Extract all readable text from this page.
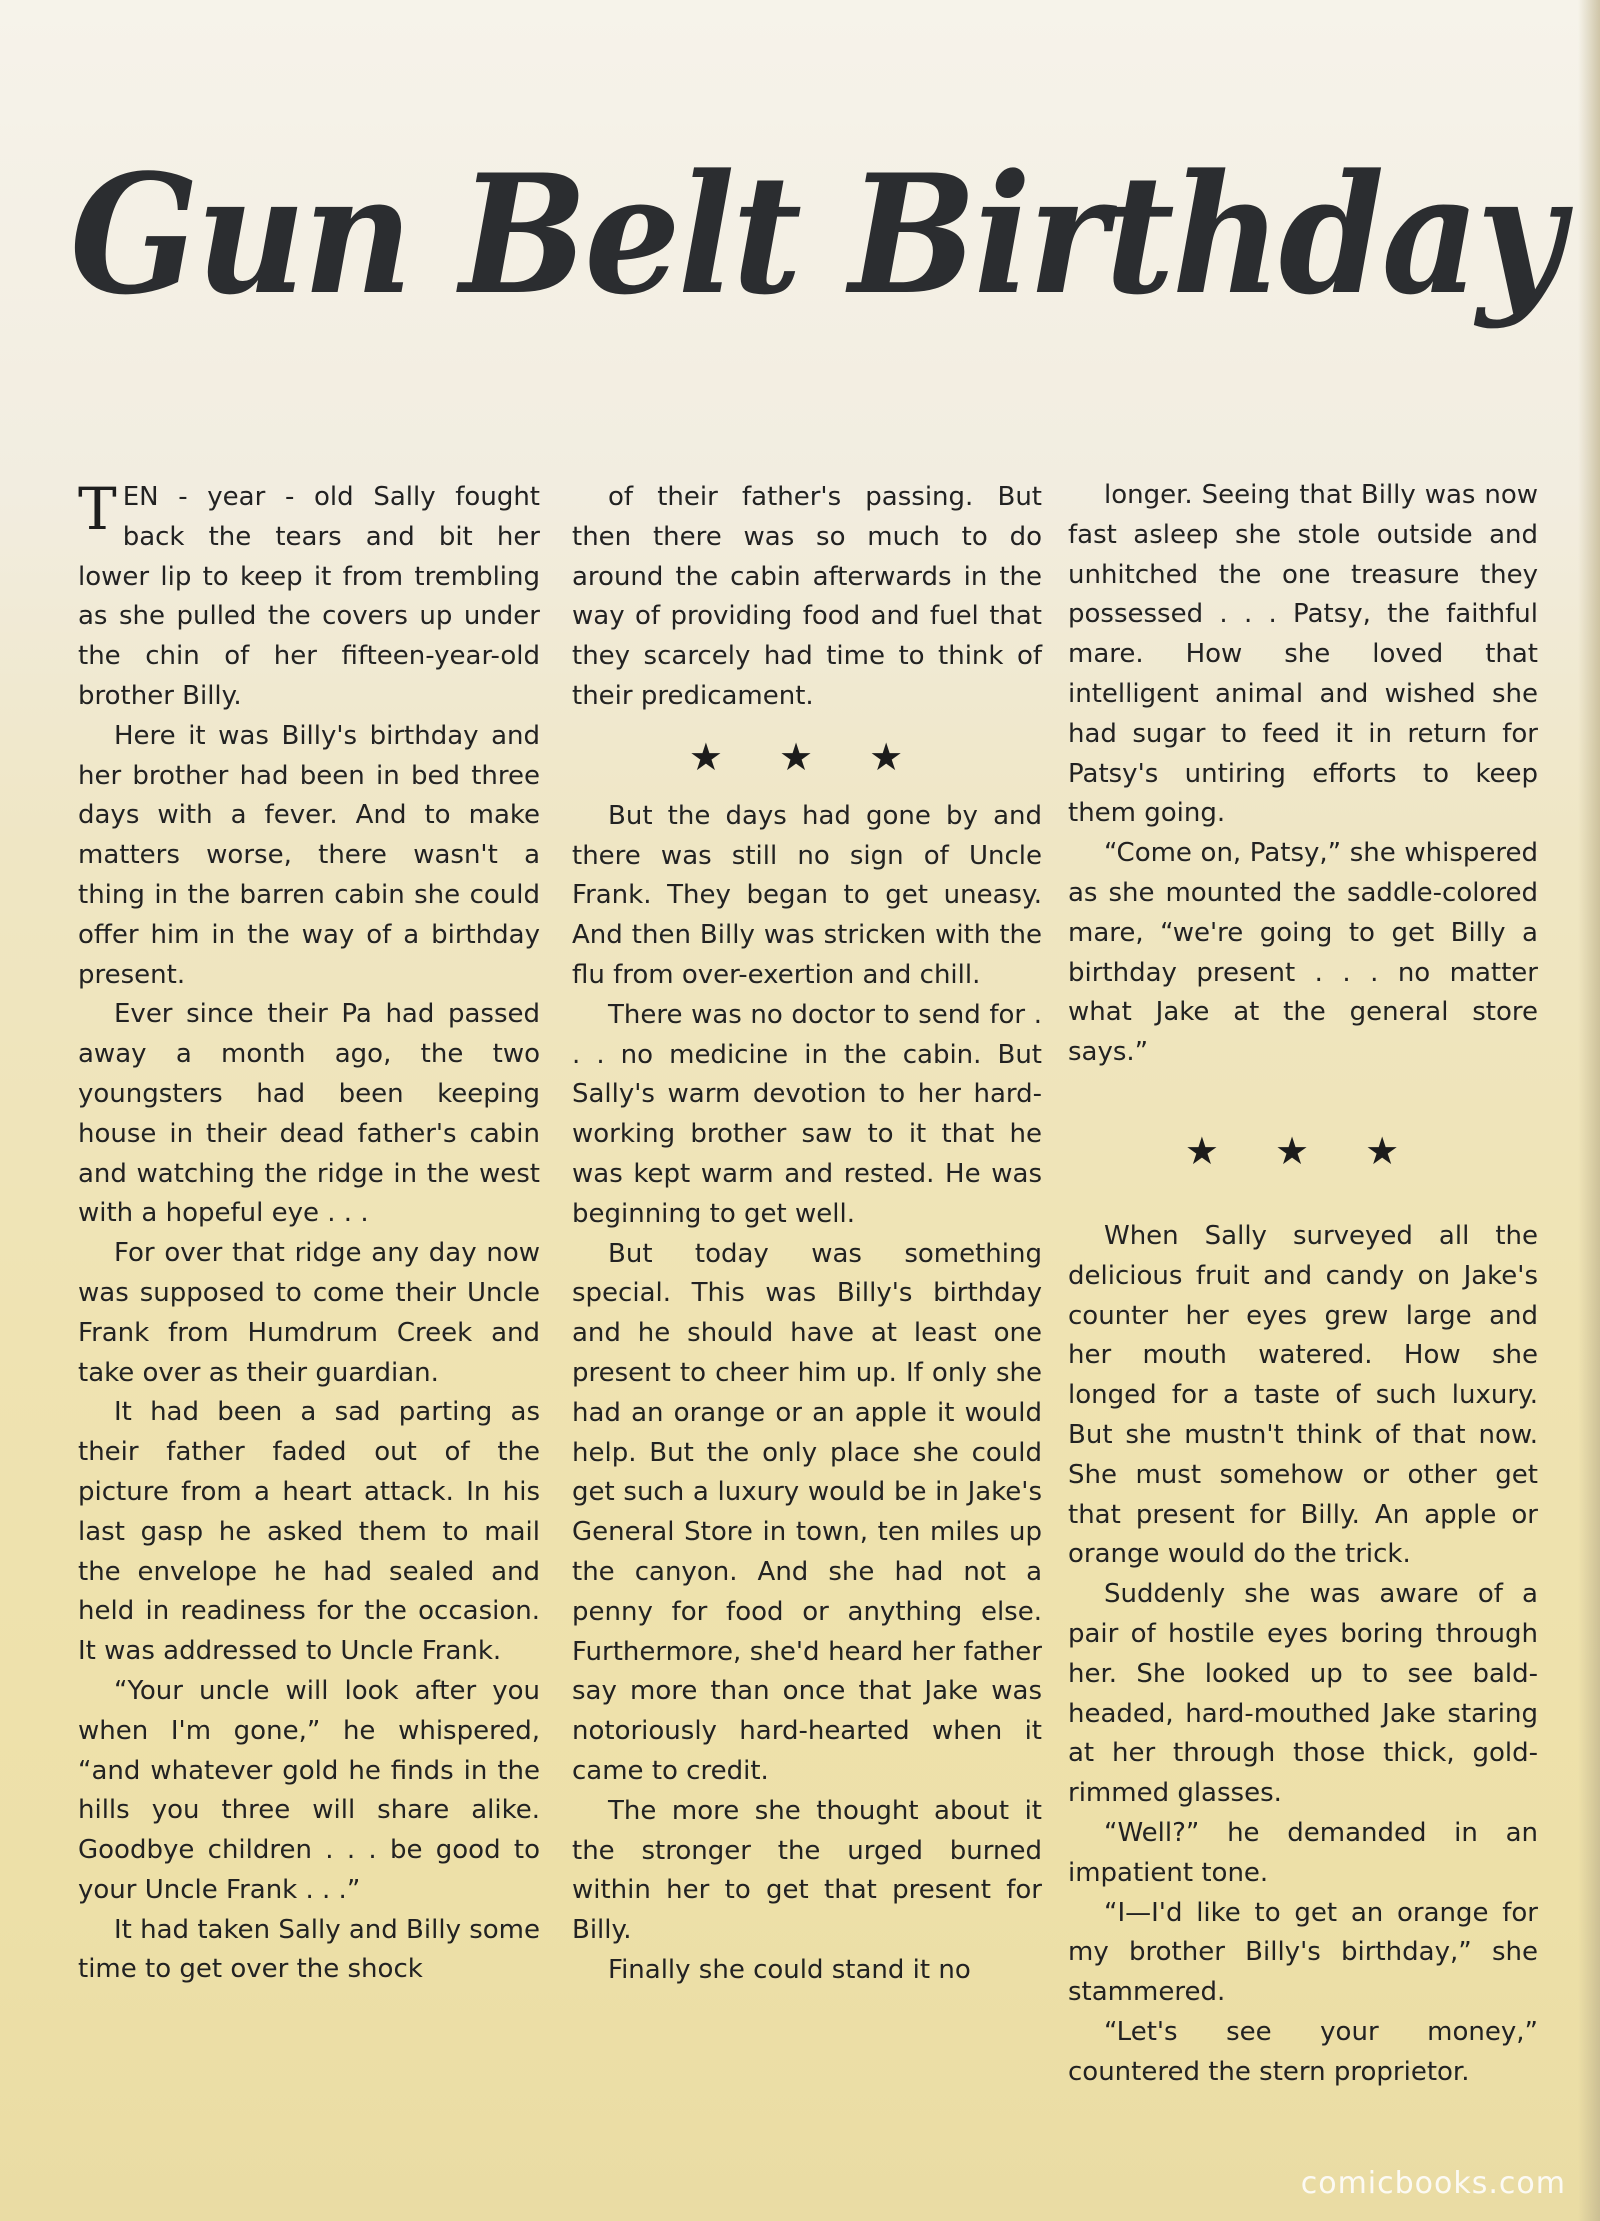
Gun Belt Birthday

TEN - year - old Sally fought back the tears and bit her lower lip to keep it from trembling as she pulled the covers up under the chin of her fifteen-year-old brother Billy.

Here it was Billy's birthday and her brother had been in bed three days with a fever. And to make matters worse, there wasn't a thing in the barren cabin she could offer him in the way of a birthday present.

Ever since their Pa had passed away a month ago, the two youngsters had been keeping house in their dead father's cabin and watching the ridge in the west with a hopeful eye . . .

For over that ridge any day now was supposed to come their Uncle Frank from Humdrum Creek and take over as their guardian.

It had been a sad parting as their father faded out of the picture from a heart attack. In his last gasp he asked them to mail the envelope he had sealed and held in readiness for the occasion. It was addressed to Uncle Frank.

“Your uncle will look after you when I'm gone,” he whispered, “and whatever gold he finds in the hills you three will share alike. Goodbye children . . . be good to your Uncle Frank . . .”

It had taken Sally and Billy some time to get over the shock

of their father's passing. But then there was so much to do around the cabin afterwards in the way of providing food and fuel that they scarcely had time to think of their predicament.

★ ★ ★

But the days had gone by and there was still no sign of Uncle Frank. They began to get uneasy. And then Billy was stricken with the flu from over-exertion and chill.

There was no doctor to send for . . . no medicine in the cabin. But Sally's warm devotion to her hard-working brother saw to it that he was kept warm and rested. He was beginning to get well.

But today was something special. This was Billy's birthday and he should have at least one present to cheer him up. If only she had an orange or an apple it would help. But the only place she could get such a luxury would be in Jake's General Store in town, ten miles up the canyon. And she had not a penny for food or anything else. Furthermore, she'd heard her father say more than once that Jake was notoriously hard-hearted when it came to credit.

The more she thought about it the stronger the urged burned within her to get that present for Billy.

Finally she could stand it no

longer. Seeing that Billy was now fast asleep she stole outside and unhitched the one treasure they possessed . . . Patsy, the faithful mare. How she loved that intelligent animal and wished she had sugar to feed it in return for Patsy's untiring efforts to keep them going.

“Come on, Patsy,” she whispered as she mounted the saddle-colored mare, “we're going to get Billy a birthday present . . . no matter what Jake at the general store says.”

★ ★ ★

When Sally surveyed all the delicious fruit and candy on Jake's counter her eyes grew large and her mouth watered. How she longed for a taste of such luxury. But she mustn't think of that now. She must somehow or other get that present for Billy. An apple or orange would do the trick.

Suddenly she was aware of a pair of hostile eyes boring through her. She looked up to see bald-headed, hard-mouthed Jake staring at her through those thick, gold-rimmed glasses.

“Well?” he demanded in an impatient tone.

“I—I'd like to get an orange for my brother Billy's birthday,” she stammered.

“Let's see your money,” countered the stern proprietor.

comicbooks.com
